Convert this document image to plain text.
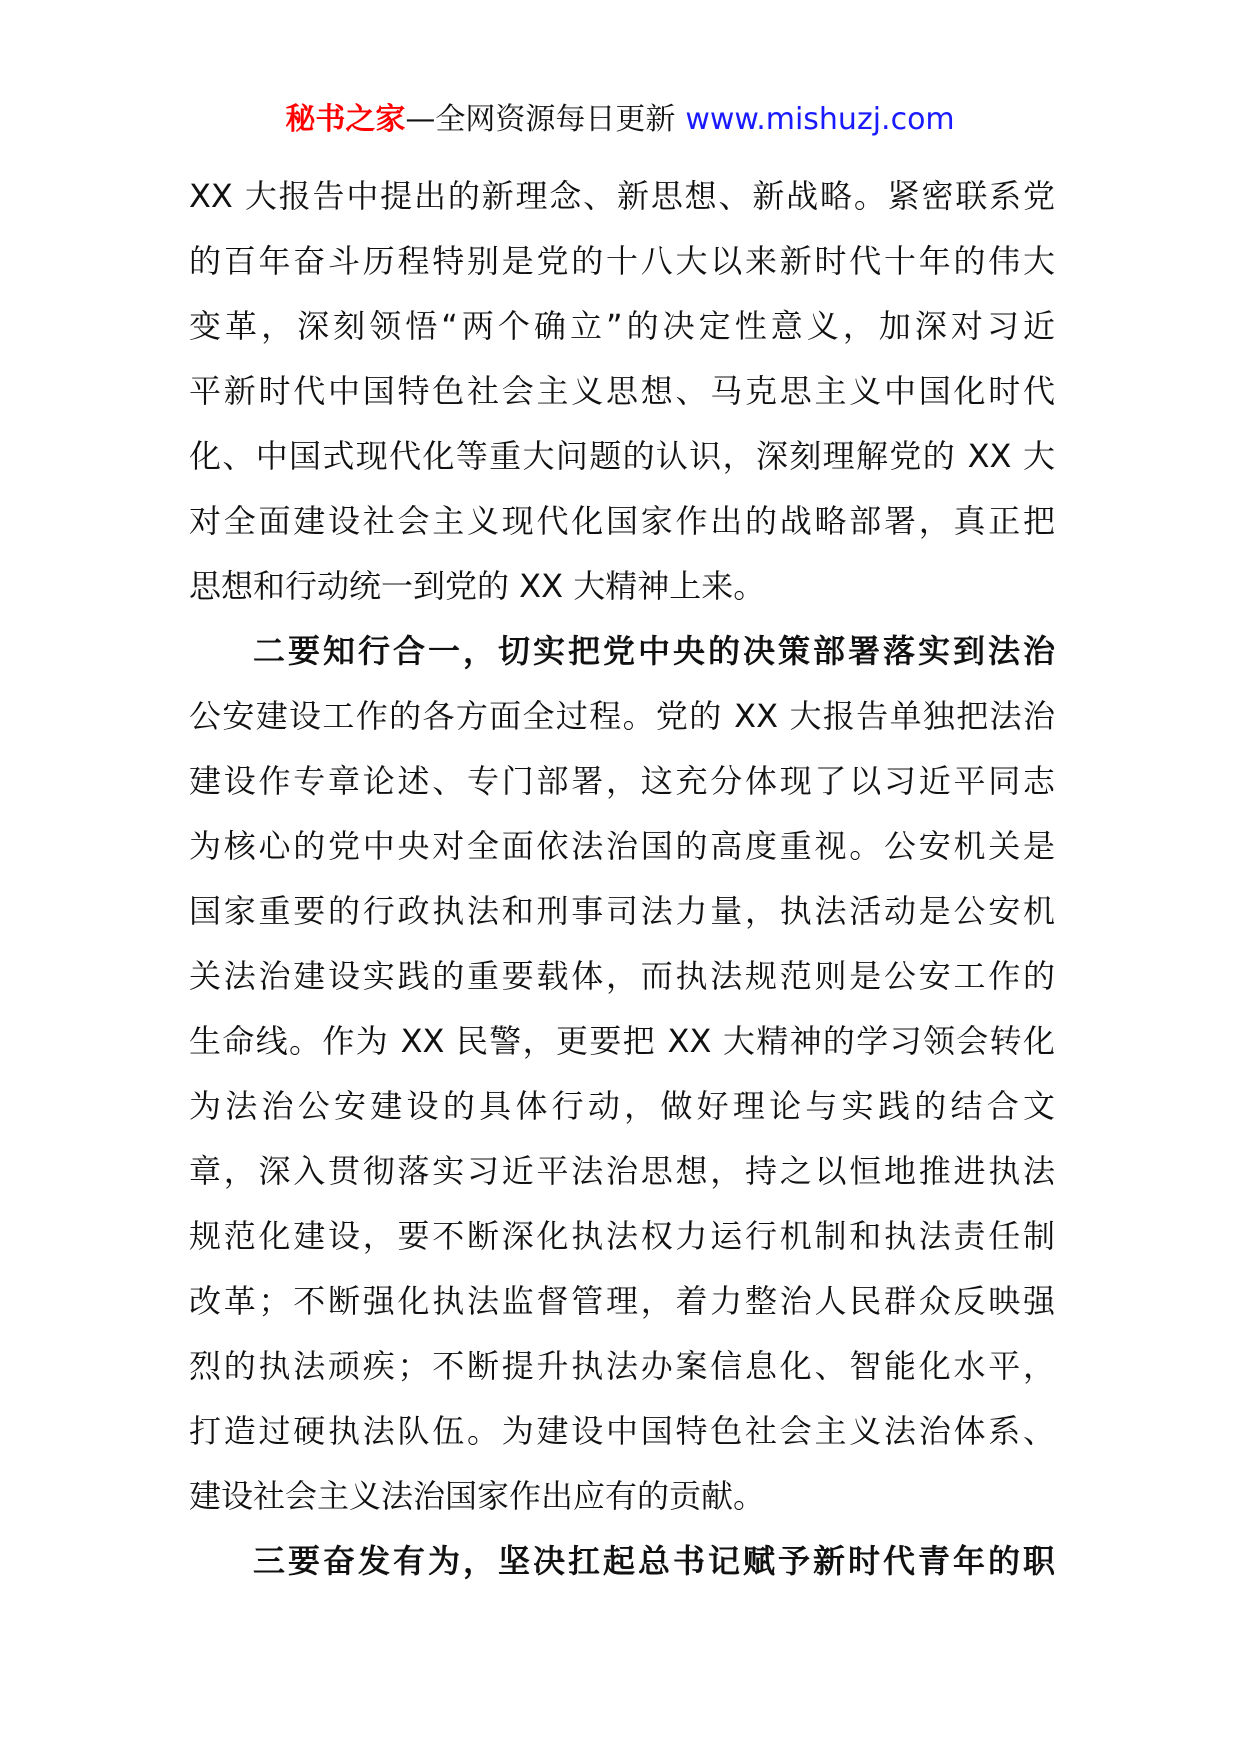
秘书之家—全网资源每日更新 www.mishuzj.com
XX 大报告中提出的新理念、新思想、新战略。紧密联系党
的百年奋斗历程特别是党的十八大以来新时代十年的伟大
变革，深刻领悟“两个确立”的决定性意义，加深对习近
平新时代中国特色社会主义思想、马克思主义中国化时代
化、中国式现代化等重大问题的认识，深刻理解党的 XX 大
对全面建设社会主义现代化国家作出的战略部署，真正把
思想和行动统一到党的 XX 大精神上来。
二要知行合一，切实把党中央的决策部署落实到法治
公安建设工作的各方面全过程。党的 XX 大报告单独把法治
建设作专章论述、专门部署，这充分体现了以习近平同志
为核心的党中央对全面依法治国的高度重视。公安机关是
国家重要的行政执法和刑事司法力量，执法活动是公安机
关法治建设实践的重要载体，而执法规范则是公安工作的
生命线。作为 XX 民警，更要把 XX 大精神的学习领会转化
为法治公安建设的具体行动，做好理论与实践的结合文
章，深入贯彻落实习近平法治思想，持之以恒地推进执法
规范化建设，要不断深化执法权力运行机制和执法责任制
改革；不断强化执法监督管理，着力整治人民群众反映强
烈的执法顽疾；不断提升执法办案信息化、智能化水平，
打造过硬执法队伍。为建设中国特色社会主义法治体系、
建设社会主义法治国家作出应有的贡献。
三要奋发有为，坚决扛起总书记赋予新时代青年的职
